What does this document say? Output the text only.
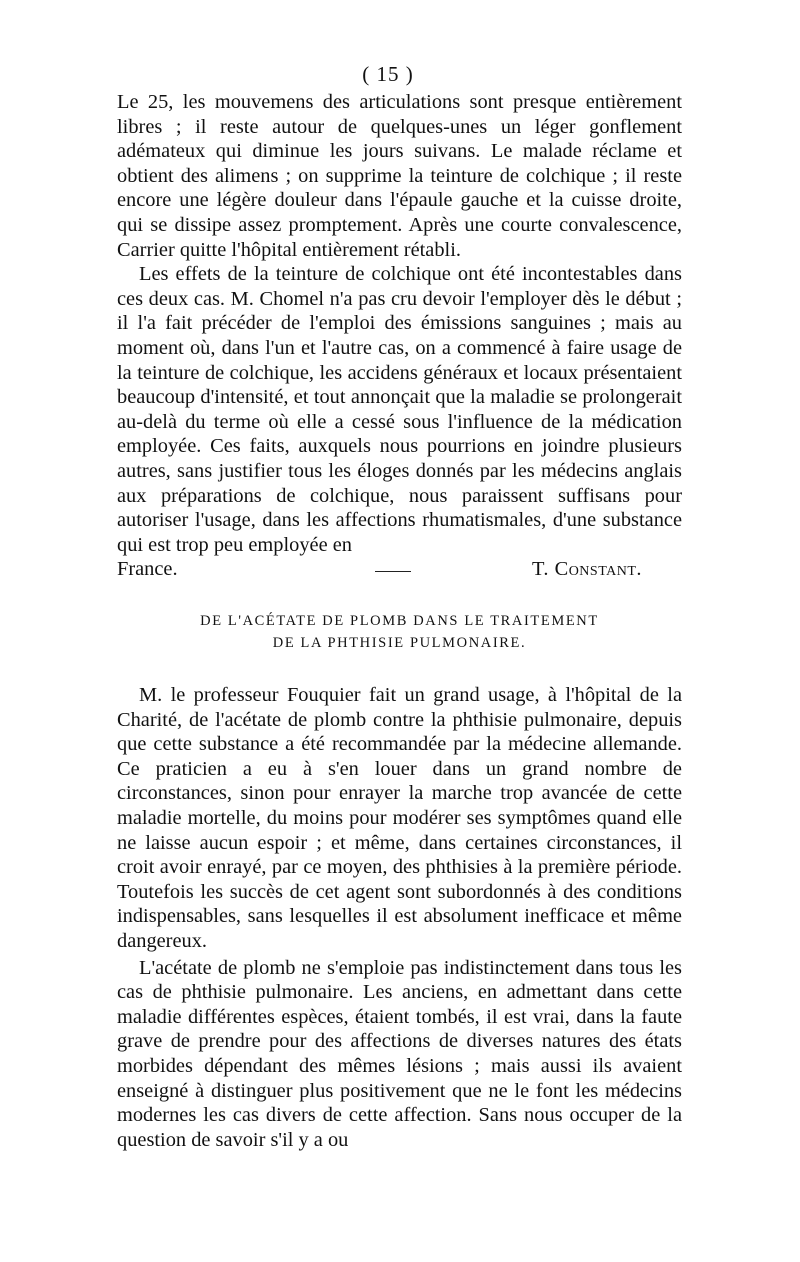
( 15 )

Le 25, les mouvemens des articulations sont presque entièrement libres ; il reste autour de quelques-unes un léger gonflement adémateux qui diminue les jours suivans. Le malade réclame et obtient des alimens ; on supprime la teinture de colchique ; il reste encore une légère douleur dans l'épaule gauche et la cuisse droite, qui se dissipe assez promptement. Après une courte convalescence, Carrier quitte l'hôpital entièrement rétabli.

Les effets de la teinture de colchique ont été incontestables dans ces deux cas. M. Chomel n'a pas cru devoir l'employer dès le début ; il l'a fait précéder de l'emploi des émissions sanguines ; mais au moment où, dans l'un et l'autre cas, on a commencé à faire usage de la teinture de colchique, les accidens généraux et locaux présentaient beaucoup d'intensité, et tout annonçait que la maladie se prolongerait au-delà du terme où elle a cessé sous l'influence de la médication employée. Ces faits, auxquels nous pourrions en joindre plusieurs autres, sans justifier tous les éloges donnés par les médecins anglais aux préparations de colchique, nous paraissent suffisans pour autoriser l'usage, dans les affections rhumatismales, d'une substance qui est trop peu employée en

France.	T. Constant.
DE L'ACÉTATE DE PLOMB DANS LE TRAITEMENT
DE LA PHTHISIE PULMONAIRE.

M. le professeur Fouquier fait un grand usage, à l'hôpital de la Charité, de l'acétate de plomb contre la phthisie pulmonaire, depuis que cette substance a été recommandée par la médecine allemande. Ce praticien a eu à s'en louer dans un grand nombre de circonstances, sinon pour enrayer la marche trop avancée de cette maladie mortelle, du moins pour modérer ses symptômes quand elle ne laisse aucun espoir ; et même, dans certaines circonstances, il croit avoir enrayé, par ce moyen, des phthisies à la première période. Toutefois les succès de cet agent sont subordonnés à des conditions indispensables, sans lesquelles il est absolument inefficace et même dangereux.

L'acétate de plomb ne s'emploie pas indistinctement dans tous les cas de phthisie pulmonaire. Les anciens, en admettant dans cette maladie différentes espèces, étaient tombés, il est vrai, dans la faute grave de prendre pour des affections de diverses natures des états morbides dépendant des mêmes lésions ; mais aussi ils avaient enseigné à distinguer plus positivement que ne le font les médecins modernes les cas divers de cette affection. Sans nous occuper de la question de savoir s'il y a ou
